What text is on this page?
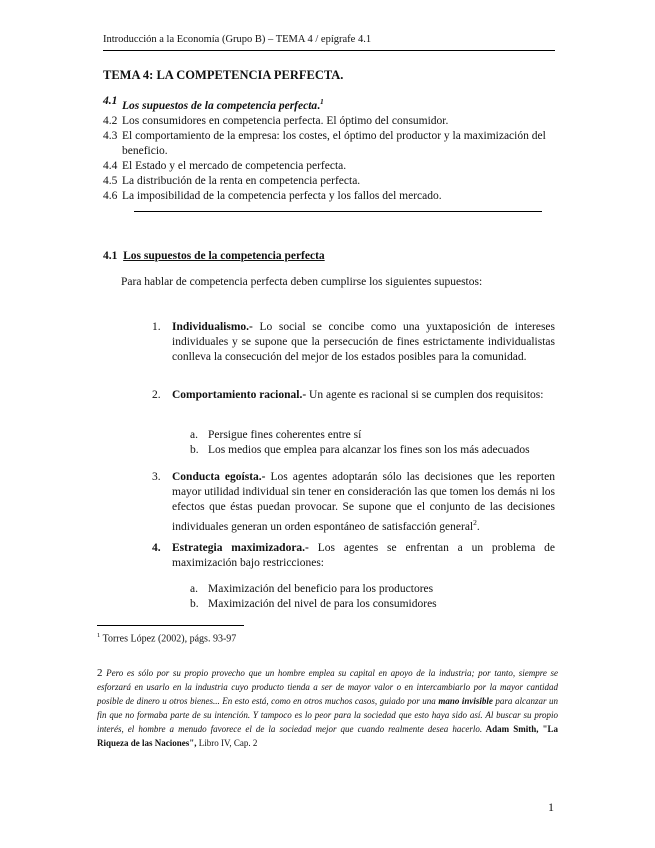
Introducción a la Economía (Grupo B) – TEMA 4 / epígrafe 4.1
TEMA 4: LA COMPETENCIA PERFECTA.
4.1 Los supuestos de la competencia perfecta.$^1$
4.2 Los consumidores en competencia perfecta. El óptimo del consumidor.
4.3 El comportamiento de la empresa: los costes, el óptimo del productor y la maximización del beneficio.
4.4 El Estado y el mercado de competencia perfecta.
4.5 La distribución de la renta en competencia perfecta.
4.6 La imposibilidad de la competencia perfecta y los fallos del mercado.
4.1 Los supuestos de la competencia perfecta
Para hablar de competencia perfecta deben cumplirse los siguientes supuestos:
1. Individualismo.- Lo social se concibe como una yuxtaposición de intereses individuales y se supone que la persecución de fines estrictamente individualistas conlleva la consecución del mejor de los estados posibles para la comunidad.
2. Comportamiento racional.- Un agente es racional si se cumplen dos requisitos:
a. Persigue fines coherentes entre sí
b. Los medios que emplea para alcanzar los fines son los más adecuados
3. Conducta egoísta.- Los agentes adoptarán sólo las decisiones que les reporten mayor utilidad individual sin tener en consideración las que tomen los demás ni los efectos que éstas puedan provocar. Se supone que el conjunto de las decisiones individuales generan un orden espontáneo de satisfacción general$^2$.
4. Estrategia maximizadora.- Los agentes se enfrentan a un problema de maximización bajo restricciones:
a. Maximización del beneficio para los productores
b. Maximización del nivel de para los consumidores
$^1$ Torres López (2002), págs. 93-97
2 Pero es sólo por su propio provecho que un hombre emplea su capital en apoyo de la industria; por tanto, siempre se esforzará en usarlo en la industria cuyo producto tienda a ser de mayor valor o en intercambiarlo por la mayor cantidad posible de dinero u otros bienes... En esto está, como en otros muchos casos, guiado por una mano invisible para alcanzar un fin que no formaba parte de su intención. Y tampoco es lo peor para la sociedad que esto haya sido así. Al buscar su propio interés, el hombre a menudo favorece el de la sociedad mejor que cuando realmente desea hacerlo. Adam Smith, "La Riqueza de las Naciones", Libro IV, Cap. 2
1
